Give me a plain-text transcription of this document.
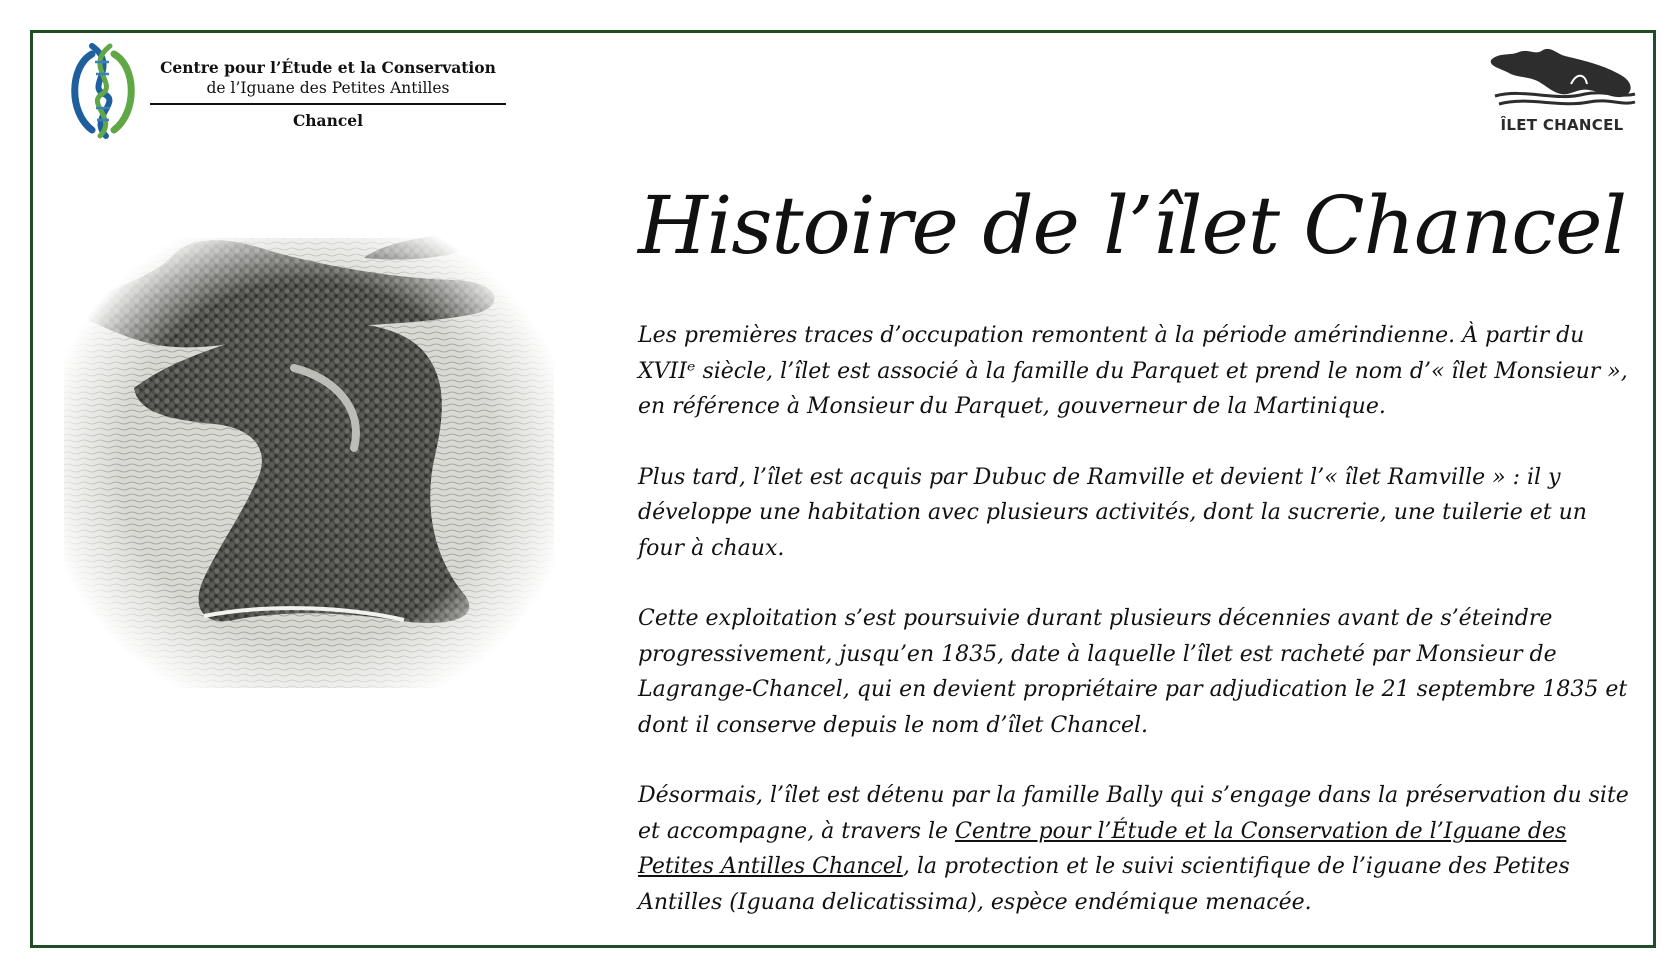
Centre pour l’Étude et la Conservation
de l’Iguane des Petites Antilles
Chancel	ÎLET CHANCEL
Histoire de l’îlet Chancel

Les premières traces d’occupation remontent à la période amérindienne. À partir du XVIIᵉ siècle, l’îlet est associé à la famille du Parquet et prend le nom d’« îlet Monsieur », en référence à Monsieur du Parquet, gouverneur de la Martinique.

Plus tard, l’îlet est acquis par Dubuc de Ramville et devient l’« îlet Ramville » : il y développe une habitation avec plusieurs activités, dont la sucrerie, une tuilerie et un four à chaux.

Cette exploitation s’est poursuivie durant plusieurs décennies avant de s’éteindre progressivement, jusqu’en 1835, date à laquelle l’îlet est racheté par Monsieur de Lagrange-Chancel, qui en devient propriétaire par adjudication le 21 septembre 1835 et dont il conserve depuis le nom d’îlet Chancel.

Désormais, l’îlet est détenu par la famille Bally qui s’engage dans la préservation du site et accompagne, à travers le Centre pour l’Étude et la Conservation de l’Iguane des Petites Antilles Chancel, la protection et le suivi scientifique de l’iguane des Petites Antilles (Iguana delicatissima), espèce endémique menacée.
